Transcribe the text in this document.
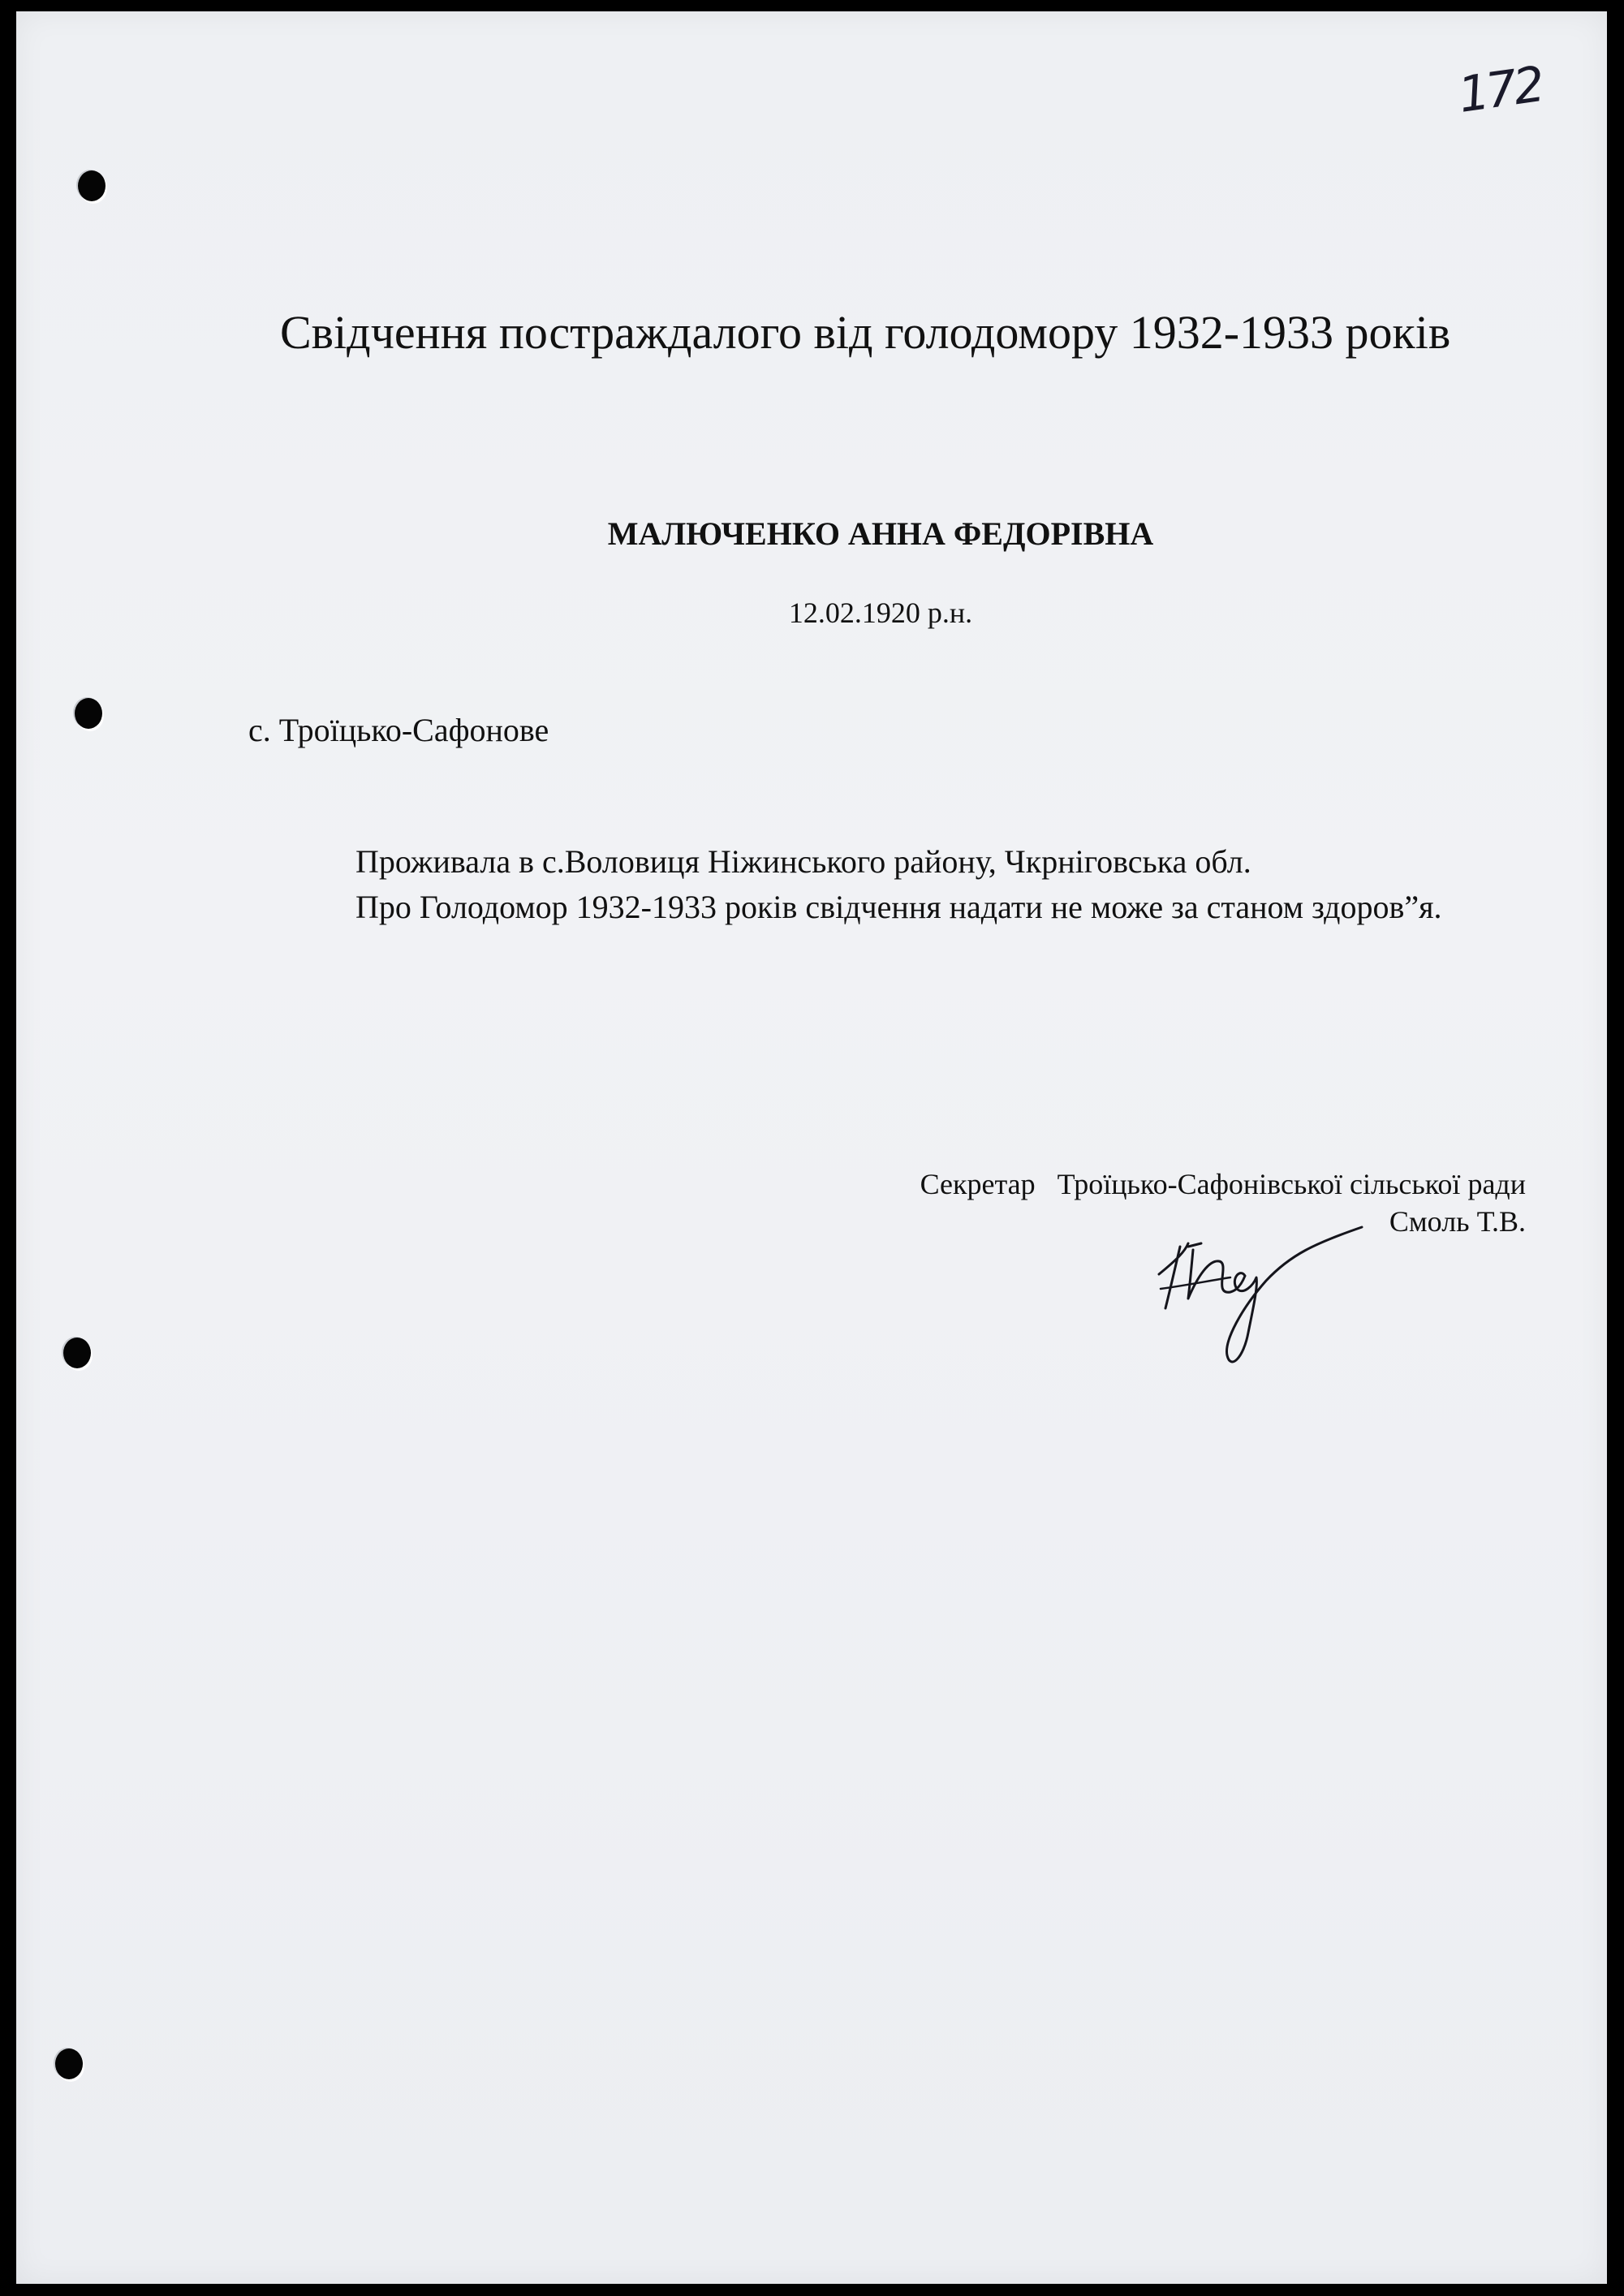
172
Свідчення постраждалого від голодомору 1932-1933 років
МАЛЮЧЕНКО АННА ФЕДОРІВНА
12.02.1920 р.н.
с. Троїцько-Сафонове

Проживала в с.Воловиця Ніжинського району, Чкрніговська обл.

Про Голодомор 1932-1933 років свідчення надати не може за станом здоров”я.

Секретар   Троїцько-Сафонівської сільської ради
Смоль Т.В.
